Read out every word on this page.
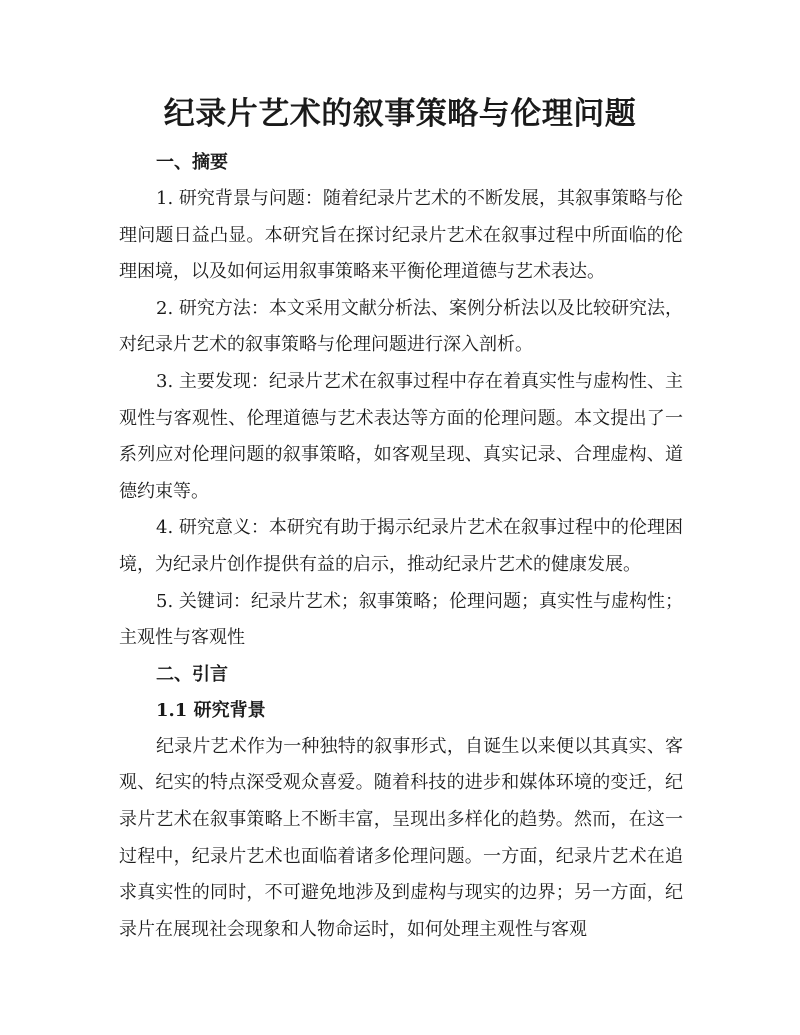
纪录片艺术的叙事策略与伦理问题
一、摘要

1. 研究背景与问题：随着纪录片艺术的不断发展，其叙事策略与伦理问题日益凸显。本研究旨在探讨纪录片艺术在叙事过程中所面临的伦理困境，以及如何运用叙事策略来平衡伦理道德与艺术表达。

2. 研究方法：本文采用文献分析法、案例分析法以及比较研究法，对纪录片艺术的叙事策略与伦理问题进行深入剖析。

3. 主要发现：纪录片艺术在叙事过程中存在着真实性与虚构性、主观性与客观性、伦理道德与艺术表达等方面的伦理问题。本文提出了一系列应对伦理问题的叙事策略，如客观呈现、真实记录、合理虚构、道德约束等。

4. 研究意义：本研究有助于揭示纪录片艺术在叙事过程中的伦理困境，为纪录片创作提供有益的启示，推动纪录片艺术的健康发展。

5. 关键词：纪录片艺术；叙事策略；伦理问题；真实性与虚构性；主观性与客观性

二、引言
1.1 研究背景

纪录片艺术作为一种独特的叙事形式，自诞生以来便以其真实、客观、纪实的特点深受观众喜爱。随着科技的进步和媒体环境的变迁，纪录片艺术在叙事策略上不断丰富，呈现出多样化的趋势。然而，在这一过程中，纪录片艺术也面临着诸多伦理问题。一方面，纪录片艺术在追求真实性的同时，不可避免地涉及到虚构与现实的边界；另一方面，纪录片在展现社会现象和人物命运时，如何处理主观性与客观
